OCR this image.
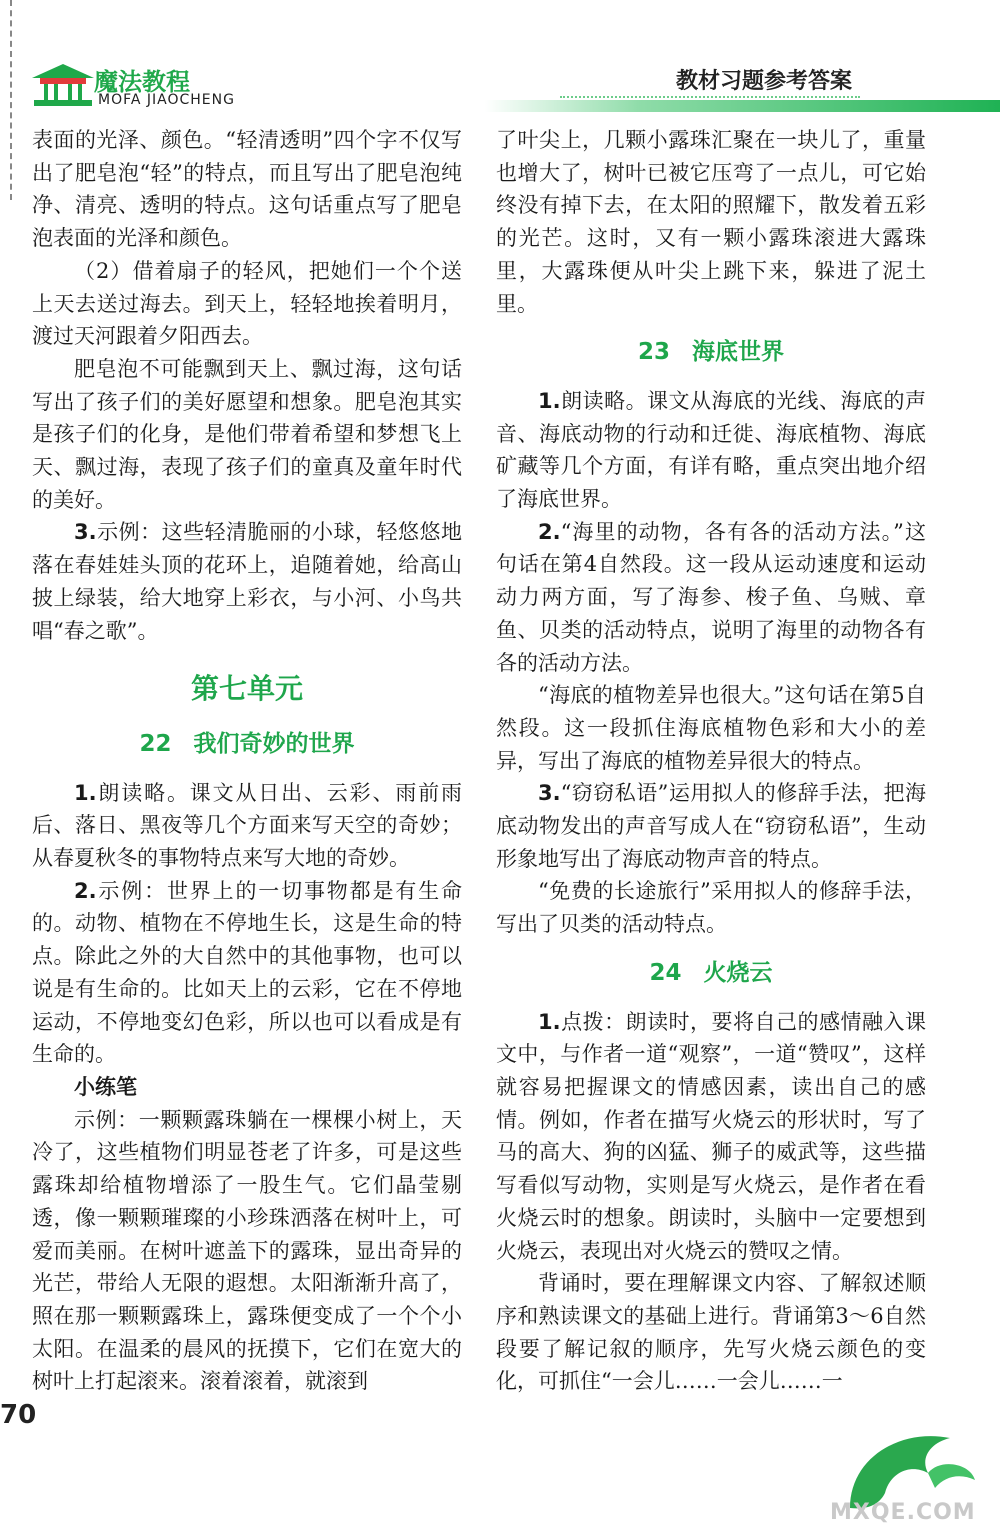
魔法教程
MOFA JIAOCHENG
教材习题参考答案

表面的光泽、颜色。“轻清透明”四个字不仅写出了肥皂泡“轻”的特点，而且写出了肥皂泡纯净、清亮、透明的特点。这句话重点写了肥皂泡表面的光泽和颜色。

（2）借着扇子的轻风，把她们一个个送上天去送过海去。到天上，轻轻地挨着明月，渡过天河跟着夕阳西去。

肥皂泡不可能飘到天上、飘过海，这句话写出了孩子们的美好愿望和想象。肥皂泡其实是孩子们的化身，是他们带着希望和梦想飞上天、飘过海，表现了孩子们的童真及童年时代的美好。

3.示例：这些轻清脆丽的小球，轻悠悠地落在春娃娃头顶的花环上，追随着她，给高山披上绿装，给大地穿上彩衣，与小河、小鸟共唱“春之歌”。

第七单元

22 我们奇妙的世界

1.朗读略。课文从日出、云彩、雨前雨后、落日、黑夜等几个方面来写天空的奇妙；从春夏秋冬的事物特点来写大地的奇妙。

2.示例：世界上的一切事物都是有生命的。动物、植物在不停地生长，这是生命的特点。除此之外的大自然中的其他事物，也可以说是有生命的。比如天上的云彩，它在不停地运动，不停地变幻色彩，所以也可以看成是有生命的。

小练笔

示例：一颗颗露珠躺在一棵棵小树上，天冷了，这些植物们明显苍老了许多，可是这些露珠却给植物增添了一股生气。它们晶莹剔透，像一颗颗璀璨的小珍珠洒落在树叶上，可爱而美丽。在树叶遮盖下的露珠，显出奇异的光芒，带给人无限的遐想。太阳渐渐升高了，照在那一颗颗露珠上，露珠便变成了一个个小太阳。在温柔的晨风的抚摸下，它们在宽大的树叶上打起滚来。滚着滚着，就滚到

了叶尖上，几颗小露珠汇聚在一块儿了，重量也增大了，树叶已被它压弯了一点儿，可它始终没有掉下去，在太阳的照耀下，散发着五彩的光芒。这时，又有一颗小露珠滚进大露珠里，大露珠便从叶尖上跳下来，躲进了泥土里。

23 海底世界

1.朗读略。课文从海底的光线、海底的声音、海底动物的行动和迁徙、海底植物、海底矿藏等几个方面，有详有略，重点突出地介绍了海底世界。

2.“海里的动物，各有各的活动方法。”这句话在第4自然段。这一段从运动速度和运动动力两方面，写了海参、梭子鱼、乌贼、章鱼、贝类的活动特点，说明了海里的动物各有各的活动方法。

“海底的植物差异也很大。”这句话在第5自然段。这一段抓住海底植物色彩和大小的差异，写出了海底的植物差异很大的特点。

3.“窃窃私语”运用拟人的修辞手法，把海底动物发出的声音写成人在“窃窃私语”，生动形象地写出了海底动物声音的特点。

“免费的长途旅行”采用拟人的修辞手法，写出了贝类的活动特点。

24 火烧云

1.点拨：朗读时，要将自己的感情融入课文中，与作者一道“观察”，一道“赞叹”，这样就容易把握课文的情感因素，读出自己的感情。例如，作者在描写火烧云的形状时，写了马的高大、狗的凶猛、狮子的威武等，这些描写看似写动物，实则是写火烧云，是作者在看火烧云时的想象。朗读时，头脑中一定要想到火烧云，表现出对火烧云的赞叹之情。

背诵时，要在理解课文内容、了解叙述顺序和熟读课文的基础上进行。背诵第3～6自然段要了解记叙的顺序，先写火烧云颜色的变化，可抓住“一会儿……一会儿……一

70
MXQE.COM
